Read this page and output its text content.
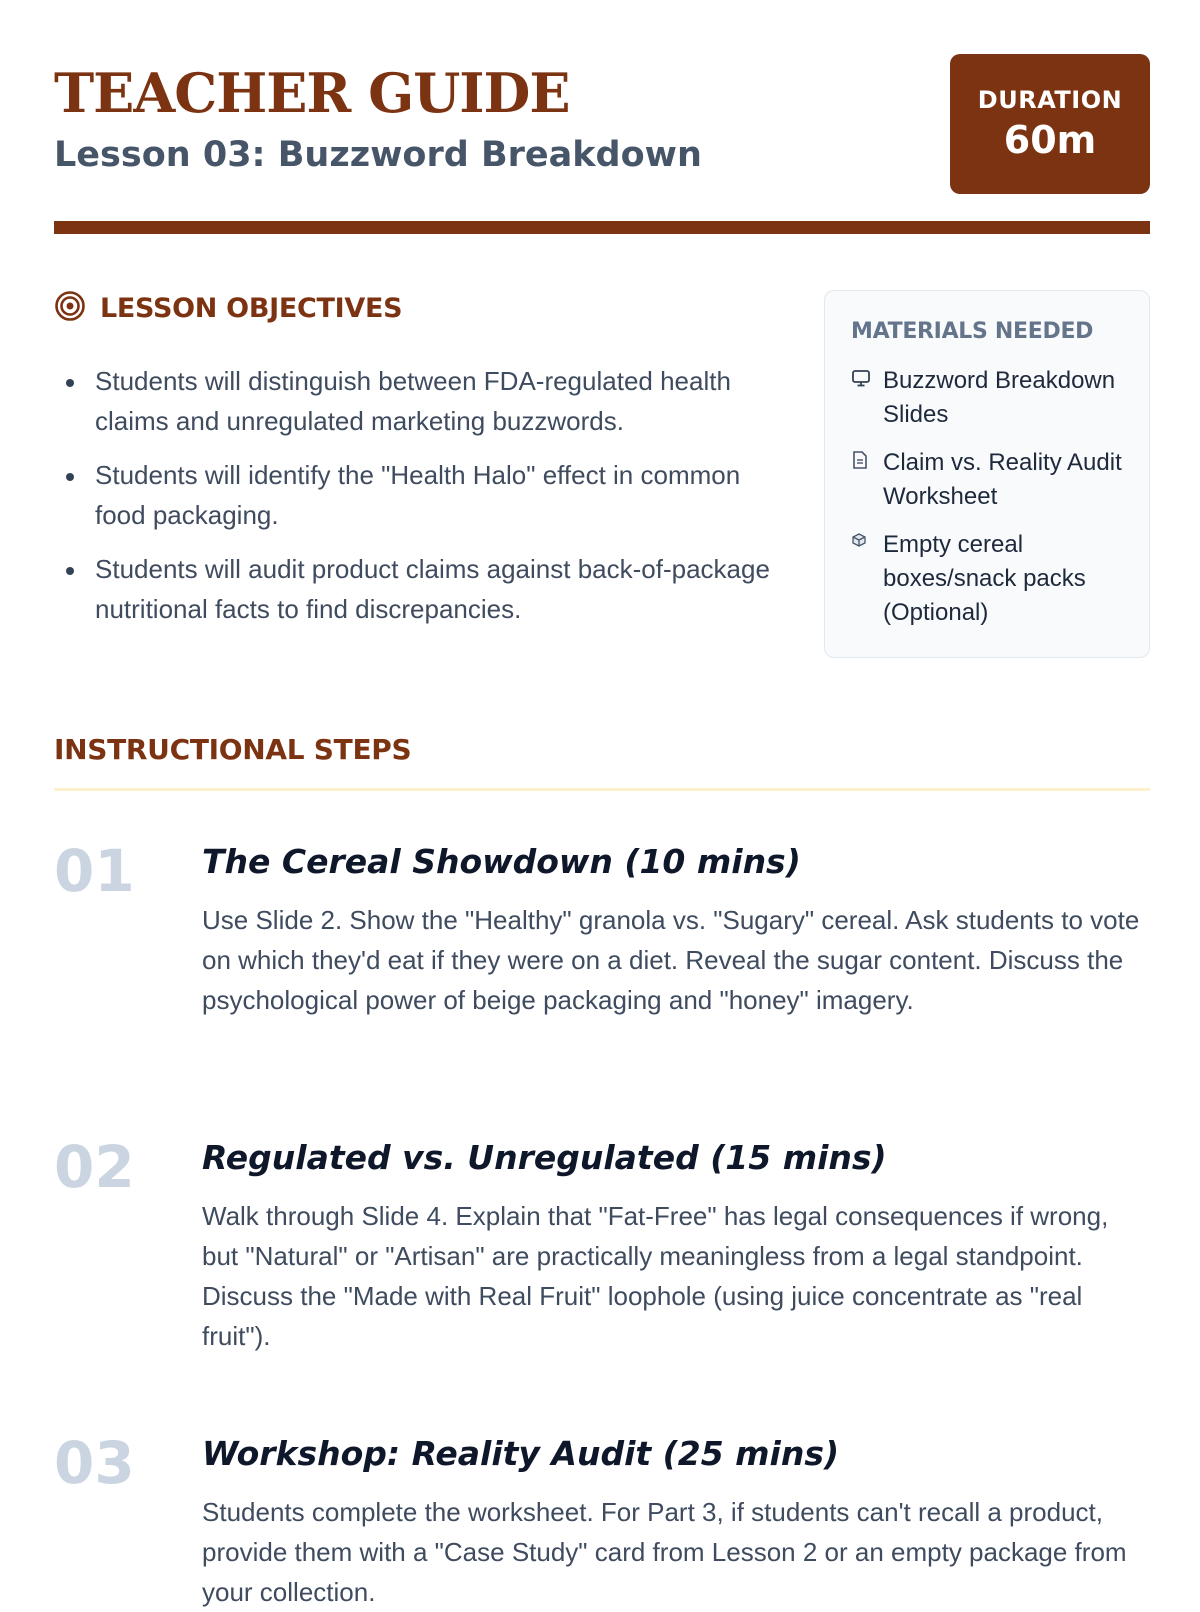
TEACHER GUIDE
Lesson 03: Buzzword Breakdown
DURATION
60m
LESSON OBJECTIVES
Students will distinguish between FDA-regulated health claims and unregulated marketing buzzwords.
Students will identify the "Health Halo" effect in common food packaging.
Students will audit product claims against back-of-package nutritional facts to find discrepancies.
MATERIALS NEEDED
Buzzword Breakdown Slides
Claim vs. Reality Audit Worksheet
Empty cereal boxes/snack packs (Optional)
INSTRUCTIONAL STEPS
01 The Cereal Showdown (10 mins)

Use Slide 2. Show the "Healthy" granola vs. "Sugary" cereal. Ask students to vote on which they'd eat if they were on a diet. Reveal the sugar content. Discuss the psychological power of beige packaging and "honey" imagery.

02 Regulated vs. Unregulated (15 mins)

Walk through Slide 4. Explain that "Fat-Free" has legal consequences if wrong, but "Natural" or "Artisan" are practically meaningless from a legal standpoint. Discuss the "Made with Real Fruit" loophole (using juice concentrate as "real fruit").

03 Workshop: Reality Audit (25 mins)

Students complete the worksheet. For Part 3, if students can't recall a product, provide them with a "Case Study" card from Lesson 2 or an empty package from your collection.
